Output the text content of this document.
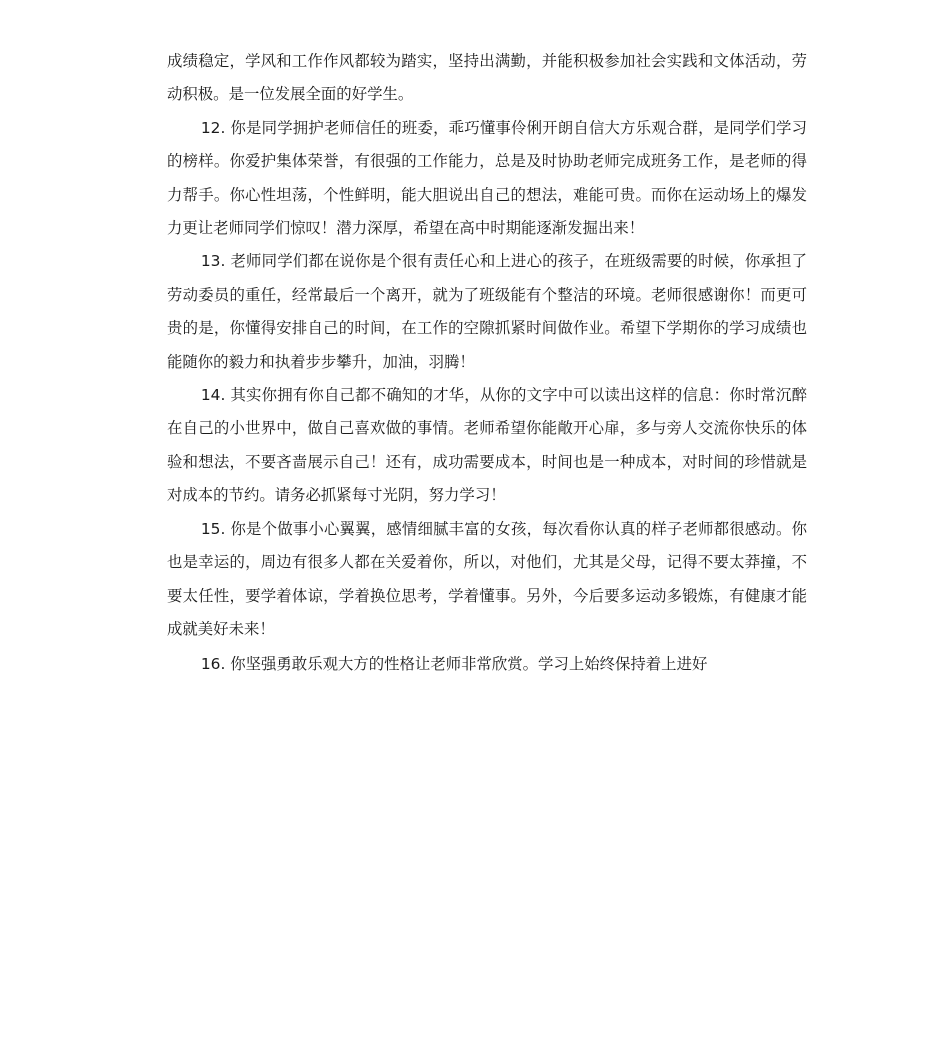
成绩稳定，学风和工作作风都较为踏实，坚持出满勤，并能积极参加社会实践和文体活动，劳动积极。是一位发展全面的好学生。

12. 你是同学拥护老师信任的班委，乖巧懂事伶俐开朗自信大方乐观合群，是同学们学习的榜样。你爱护集体荣誉，有很强的工作能力，总是及时协助老师完成班务工作，是老师的得力帮手。你心性坦荡，个性鲜明，能大胆说出自己的想法，难能可贵。而你在运动场上的爆发力更让老师同学们惊叹！潜力深厚，希望在高中时期能逐渐发掘出来！

13. 老师同学们都在说你是个很有责任心和上进心的孩子，在班级需要的时候，你承担了劳动委员的重任，经常最后一个离开，就为了班级能有个整洁的环境。老师很感谢你！而更可贵的是，你懂得安排自己的时间，在工作的空隙抓紧时间做作业。希望下学期你的学习成绩也能随你的毅力和执着步步攀升，加油，羽腾！

14. 其实你拥有你自己都不确知的才华，从你的文字中可以读出这样的信息：你时常沉醉在自己的小世界中，做自己喜欢做的事情。老师希望你能敞开心扉，多与旁人交流你快乐的体验和想法，不要吝啬展示自己！还有，成功需要成本，时间也是一种成本，对时间的珍惜就是对成本的节约。请务必抓紧每寸光阴，努力学习！

15. 你是个做事小心翼翼，感情细腻丰富的女孩，每次看你认真的样子老师都很感动。你也是幸运的，周边有很多人都在关爱着你，所以，对他们，尤其是父母，记得不要太莽撞，不要太任性，要学着体谅，学着换位思考，学着懂事。另外，今后要多运动多锻炼，有健康才能成就美好未来！

16. 你坚强勇敢乐观大方的性格让老师非常欣赏。学习上始终保持着上进好
